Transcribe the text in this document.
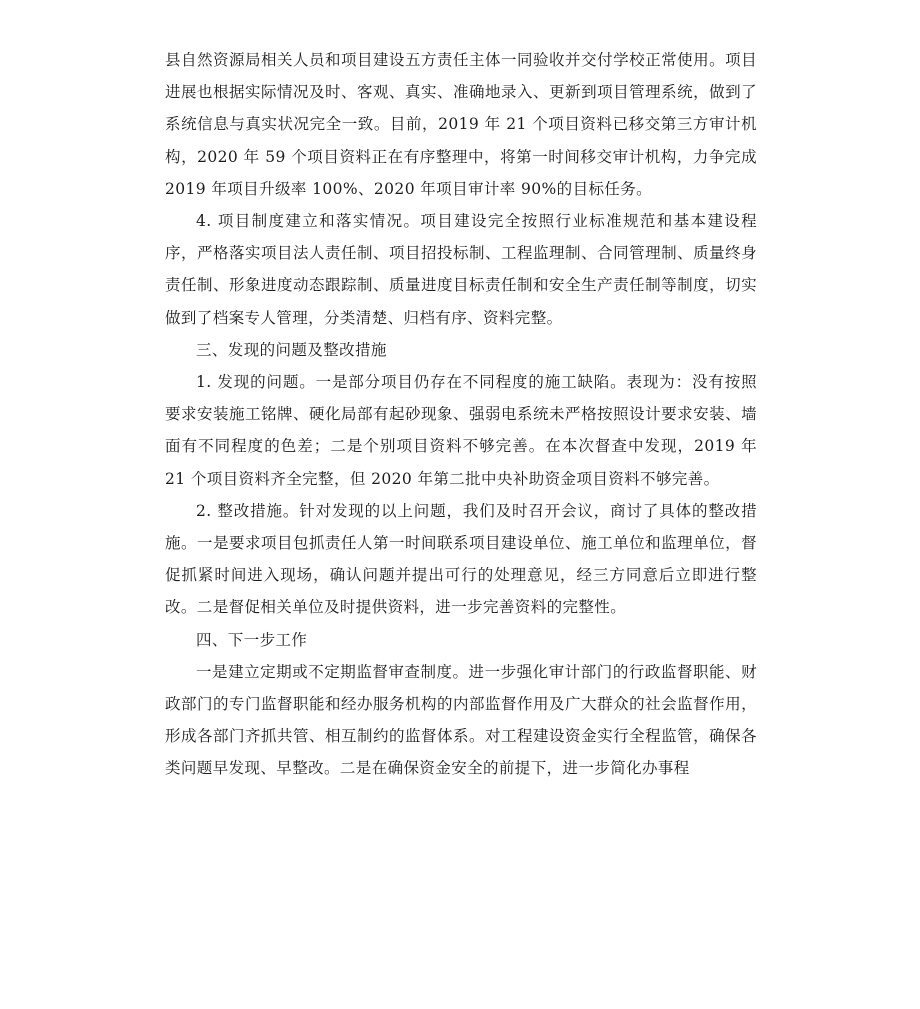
县自然资源局相关人员和项目建设五方责任主体一同验收并交付学校正常使用。项目进展也根据实际情况及时、客观、真实、准确地录入、更新到项目管理系统，做到了系统信息与真实状况完全一致。目前，2019 年 21 个项目资料已移交第三方审计机构，2020 年 59 个项目资料正在有序整理中，将第一时间移交审计机构，力争完成 2019 年项目升级率 100%、2020 年项目审计率 90%的目标任务。

4. 项目制度建立和落实情况。项目建设完全按照行业标准规范和基本建设程序，严格落实项目法人责任制、项目招投标制、工程监理制、合同管理制、质量终身责任制、形象进度动态跟踪制、质量进度目标责任制和安全生产责任制等制度，切实做到了档案专人管理，分类清楚、归档有序、资料完整。

三、发现的问题及整改措施

1. 发现的问题。一是部分项目仍存在不同程度的施工缺陷。表现为：没有按照要求安装施工铭牌、硬化局部有起砂现象、强弱电系统未严格按照设计要求安装、墙面有不同程度的色差；二是个别项目资料不够完善。在本次督查中发现，2019 年 21 个项目资料齐全完整，但 2020 年第二批中央补助资金项目资料不够完善。

2. 整改措施。针对发现的以上问题，我们及时召开会议，商讨了具体的整改措施。一是要求项目包抓责任人第一时间联系项目建设单位、施工单位和监理单位，督促抓紧时间进入现场，确认问题并提出可行的处理意见，经三方同意后立即进行整改。二是督促相关单位及时提供资料，进一步完善资料的完整性。

四、下一步工作

一是建立定期或不定期监督审查制度。进一步强化审计部门的行政监督职能、财政部门的专门监督职能和经办服务机构的内部监督作用及广大群众的社会监督作用，形成各部门齐抓共管、相互制约的监督体系。对工程建设资金实行全程监管，确保各类问题早发现、早整改。二是在确保资金安全的前提下，进一步简化办事程
